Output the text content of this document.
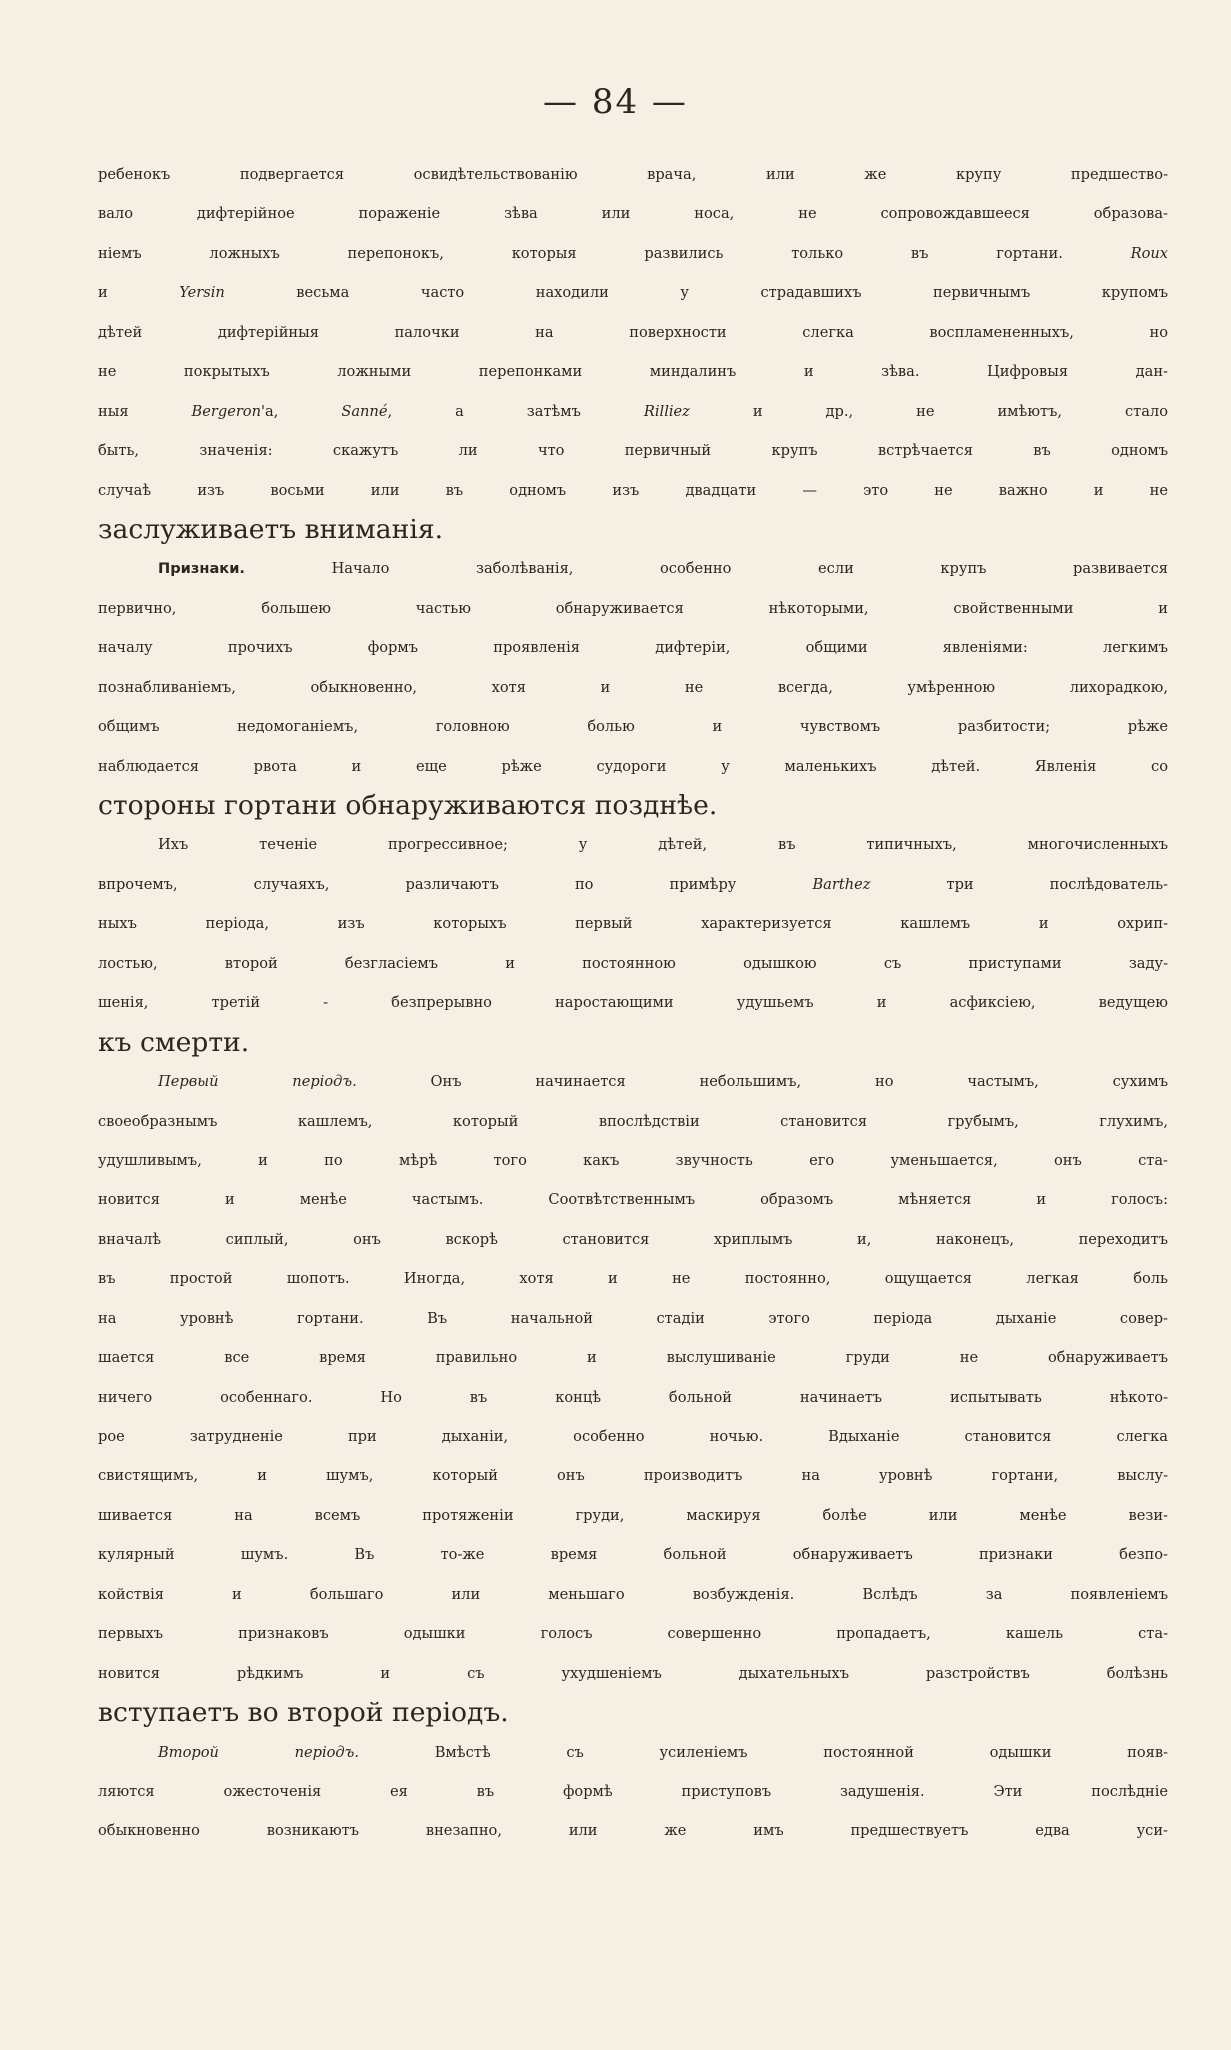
— 84 —
ребенокъ подвергается освидѣтельствованію врача, или же крупу предшество-
вало дифтерійное пораженіе зѣва или носа, не сопровождавшееся образова-
ніемъ ложныхъ перепонокъ, которыя развились только въ гортани. Roux
и Yersin весьма часто находили у страдавшихъ первичнымъ крупомъ
дѣтей дифтерійныя палочки на поверхности слегка воспламененныхъ, но
не покрытыхъ ложными перепонками миндалинъ и зѣва. Цифровыя дан-
ныя Bergeron'а, Sanné, а затѣмъ Rilliez и др., не имѣютъ, стало
быть, значенія: скажутъ ли что первичный крупъ встрѣчается въ одномъ
случаѣ изъ восьми или въ одномъ изъ двадцати — это не важно и не
заслуживаетъ вниманія.
Признаки. Начало заболѣванія, особенно если крупъ развивается
первично, большею частью обнаруживается нѣкоторыми, свойственными и
началу прочихъ формъ проявленія дифтеріи, общими явленіями: легкимъ
познабливаніемъ, обыкновенно, хотя и не всегда, умѣренною лихорадкою,
общимъ недомоганіемъ, головною болью и чувствомъ разбитости; рѣже
наблюдается рвота и еще рѣже судороги у маленькихъ дѣтей. Явленія со
стороны гортани обнаруживаются позднѣе.
Ихъ теченіе прогрессивное; у дѣтей, въ типичныхъ, многочисленныхъ
впрочемъ, случаяхъ, различаютъ по примѣру Barthez три послѣдователь-
ныхъ періода, изъ которыхъ первый характеризуется кашлемъ и охрип-
лостью, второй безгласіемъ и постоянною одышкою съ приступами заду-
шенія, третій - безпрерывно наростающими удушьемъ и асфиксіею, ведущею
къ смерти.
Первый періодъ. Онъ начинается небольшимъ, но частымъ, сухимъ
своеобразнымъ кашлемъ, который впослѣдствіи становится грубымъ, глухимъ,
удушливымъ, и по мѣрѣ того какъ звучность его уменьшается, онъ ста-
новится и менѣе частымъ. Соотвѣтственнымъ образомъ мѣняется и голосъ:
вначалѣ сиплый, онъ вскорѣ становится хриплымъ и, наконецъ, переходитъ
въ простой шопотъ. Иногда, хотя и не постоянно, ощущается легкая боль
на уровнѣ гортани. Въ начальной стадіи этого періода дыханіе совер-
шается все время правильно и выслушиваніе груди не обнаруживаетъ
ничего особеннаго. Но въ концѣ больной начинаетъ испытывать нѣкото-
рое затрудненіе при дыханіи, особенно ночью. Вдыханіе становится слегка
свистящимъ, и шумъ, который онъ производитъ на уровнѣ гортани, выслу-
шивается на всемъ протяженіи груди, маскируя болѣе или менѣе вези-
кулярный шумъ. Въ то-же время больной обнаруживаетъ признаки безпо-
койствія и большаго или меньшаго возбужденія. Вслѣдъ за появленіемъ
первыхъ признаковъ одышки голосъ совершенно пропадаетъ, кашель ста-
новится рѣдкимъ и съ ухудшеніемъ дыхательныхъ разстройствъ болѣзнь
вступаетъ во второй періодъ.
Второй періодъ. Вмѣстѣ съ усиленіемъ постоянной одышки появ-
ляются ожесточенія ея въ формѣ приступовъ задушенія. Эти послѣдніе
обыкновенно возникаютъ внезапно, или же имъ предшествуетъ едва уси-
